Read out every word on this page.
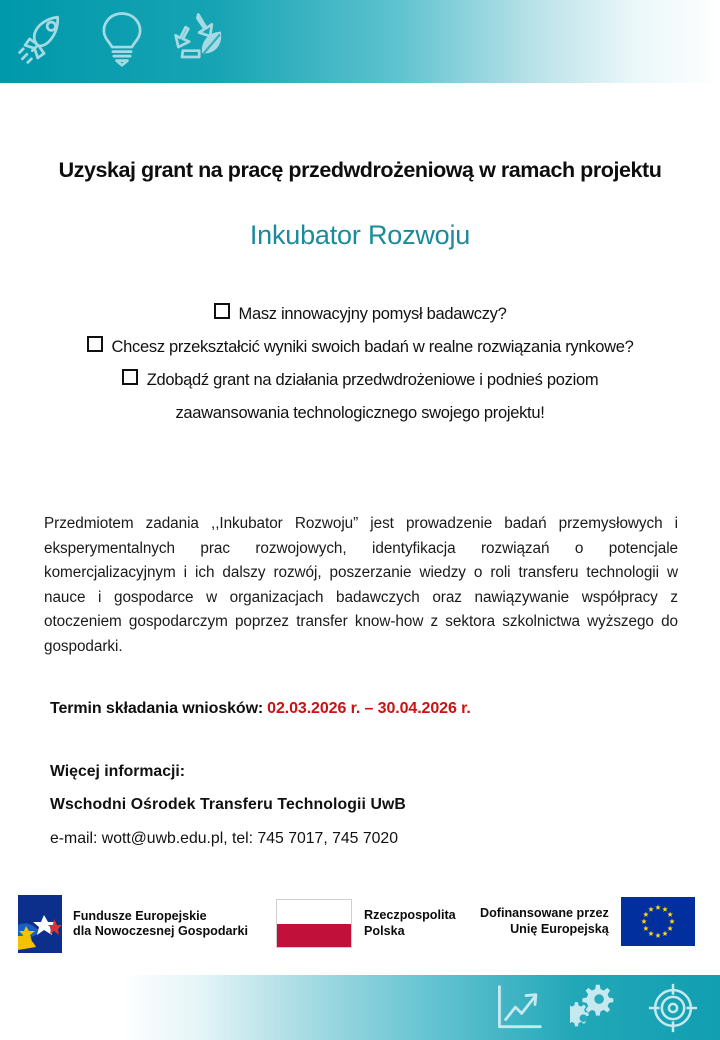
Uzyskaj grant na pracę przedwdrożeniową w ramach projektu
Inkubator Rozwoju
Masz innowacyjny pomysł badawczy?
Chcesz przekształcić wyniki swoich badań w realne rozwiązania rynkowe?
Zdobądź grant na działania przedwdrożeniowe i podnieś poziom
zaawansowania technologicznego swojego projektu!
Przedmiotem zadania ,,Inkubator Rozwoju” jest prowadzenie badań przemysłowych i eksperymentalnych prac rozwojowych, identyfikacja rozwiązań o potencjale komercjalizacyjnym i ich dalszy rozwój, poszerzanie wiedzy o roli transferu technologii w nauce i gospodarce w organizacjach badawczych oraz nawiązywanie współpracy z otoczeniem gospodarczym poprzez transfer know-how z sektora szkolnictwa wyższego do gospodarki.
Termin składania wniosków: 02.03.2026 r. – 30.04.2026 r.
Więcej informacji:
Wschodni Ośrodek Transferu Technologii UwB
e-mail: wott@uwb.edu.pl, tel: 745 7017, 745 7020
Fundusze Europejskie
dla Nowoczesnej Gospodarki
Rzeczpospolita
Polska
Dofinansowane przez
Unię Europejską
